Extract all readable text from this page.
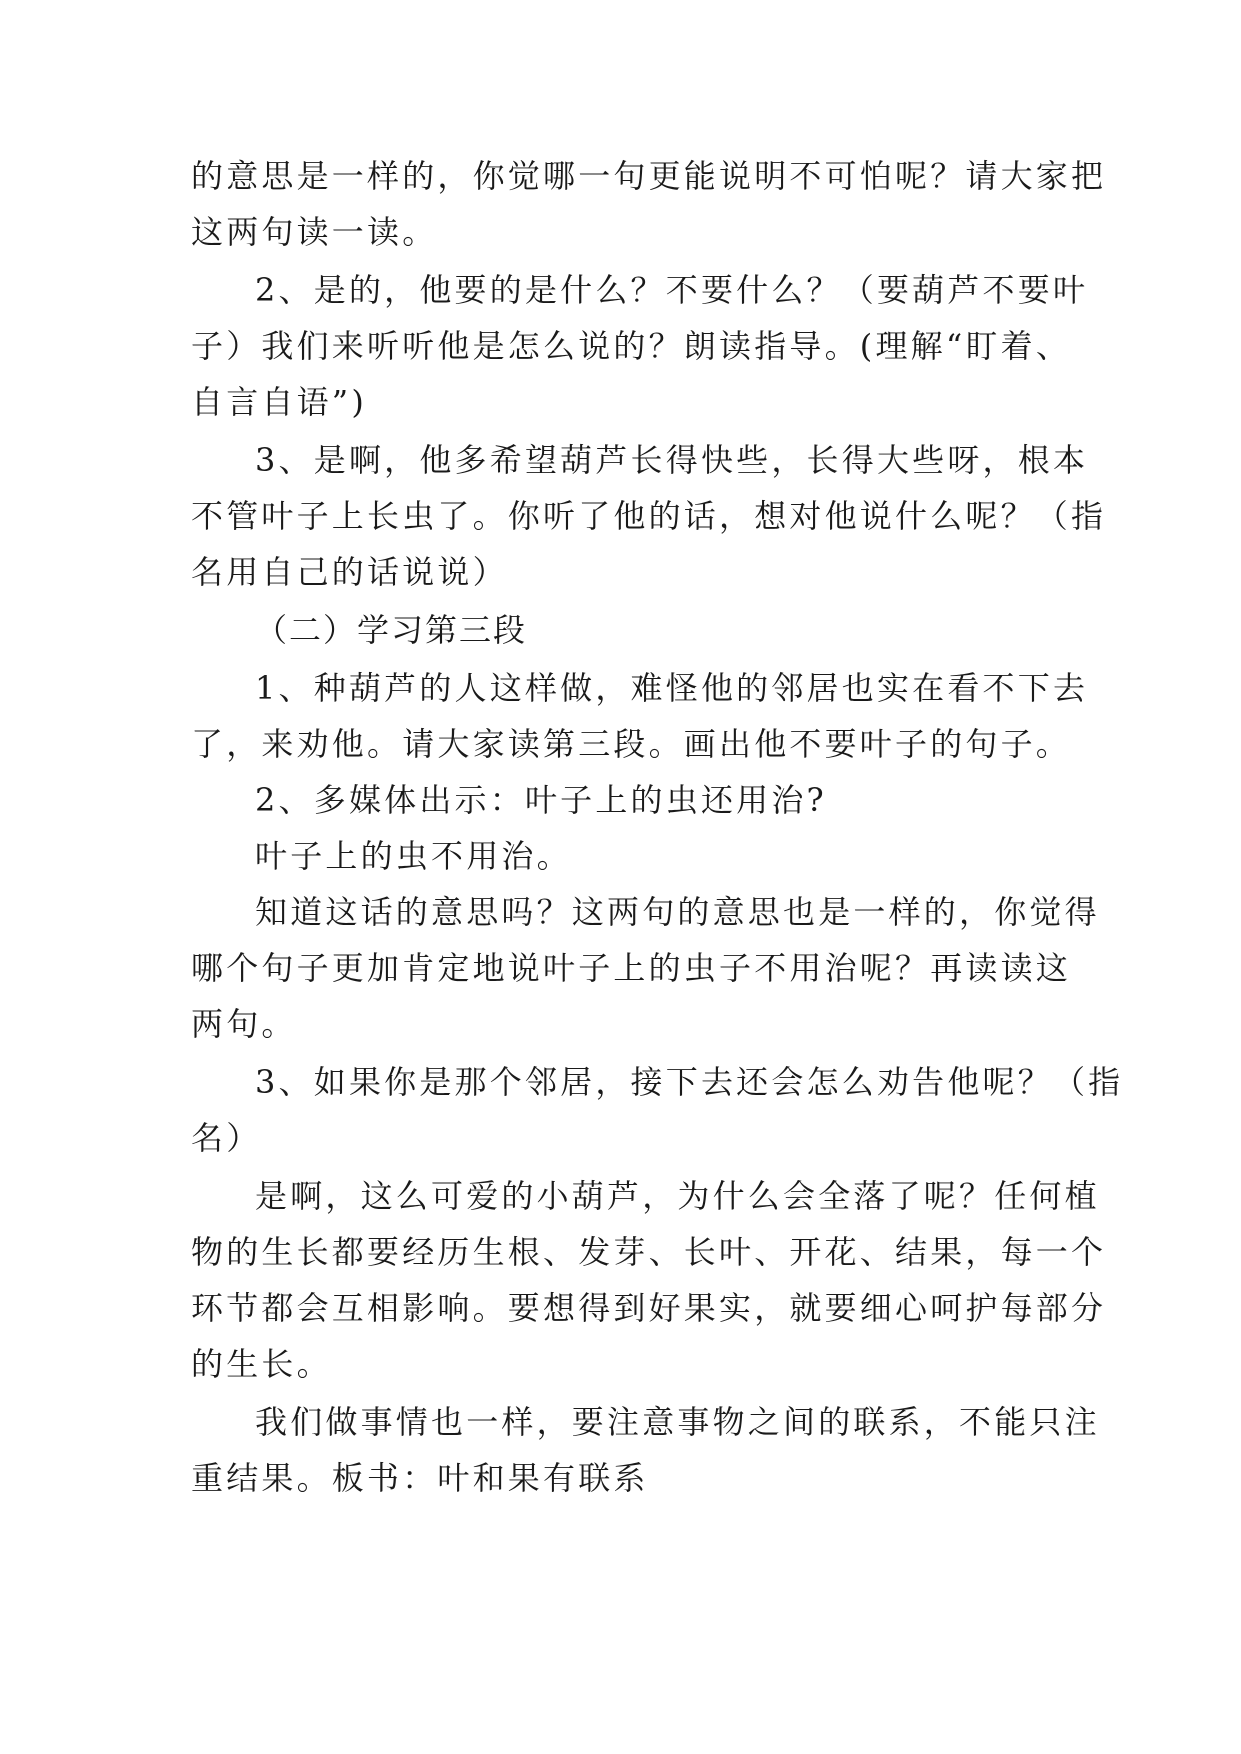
的意思是一样的，你觉哪一句更能说明不可怕呢？请大家把
这两句读一读。
2、是的，他要的是什么？不要什么？（要葫芦不要叶
子）我们来听听他是怎么说的？朗读指导。(理解“盯着、
自言自语”)
3、是啊，他多希望葫芦长得快些，长得大些呀，根本
不管叶子上长虫了。你听了他的话，想对他说什么呢？（指
名用自己的话说说）
（二）学习第三段
1、种葫芦的人这样做，难怪他的邻居也实在看不下去
了，来劝他。请大家读第三段。画出他不要叶子的句子。
2、多媒体出示：叶子上的虫还用治?
叶子上的虫不用治。
知道这话的意思吗？这两句的意思也是一样的，你觉得
哪个句子更加肯定地说叶子上的虫子不用治呢？再读读这
两句。
3、如果你是那个邻居，接下去还会怎么劝告他呢？（指
名）
是啊，这么可爱的小葫芦，为什么会全落了呢？任何植
物的生长都要经历生根、发芽、长叶、开花、结果，每一个
环节都会互相影响。要想得到好果实，就要细心呵护每部分
的生长。
我们做事情也一样，要注意事物之间的联系，不能只注
重结果。板书：叶和果有联系
